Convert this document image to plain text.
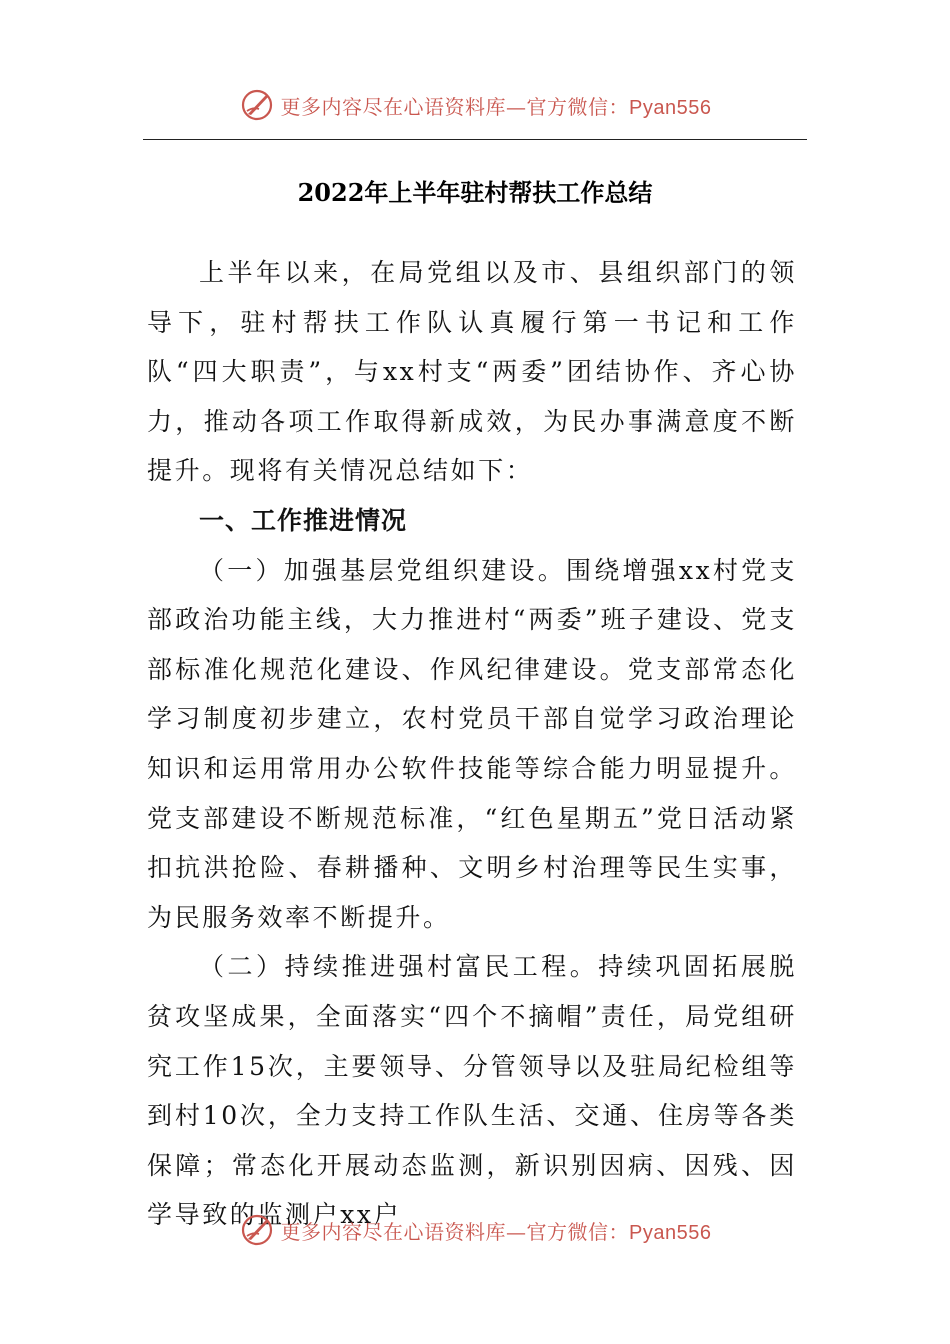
更多内容尽在心语资料库—官方微信：Pyan556
2022年上半年驻村帮扶工作总结

上半年以来，在局党组以及市、县组织部门的领导下，驻村帮扶工作队认真履行第一书记和工作队“四大职责”，与xx村支“两委”团结协作、齐心协力，推动各项工作取得新成效，为民办事满意度不断提升。现将有关情况总结如下：

一、工作推进情况

（一）加强基层党组织建设。围绕增强xx村党支部政治功能主线，大力推进村“两委”班子建设、党支部标准化规范化建设、作风纪律建设。党支部常态化学习制度初步建立，农村党员干部自觉学习政治理论知识和运用常用办公软件技能等综合能力明显提升。党支部建设不断规范标准，“红色星期五”党日活动紧扣抗洪抢险、春耕播种、文明乡村治理等民生实事，为民服务效率不断提升。

（二）持续推进强村富民工程。持续巩固拓展脱贫攻坚成果，全面落实“四个不摘帽”责任，局党组研究工作15次，主要领导、分管领导以及驻局纪检组等到村10次，全力支持工作队生活、交通、住房等各类保障；常态化开展动态监测，新识别因病、因残、因学导致的监测户xx户

更多内容尽在心语资料库—官方微信：Pyan556
